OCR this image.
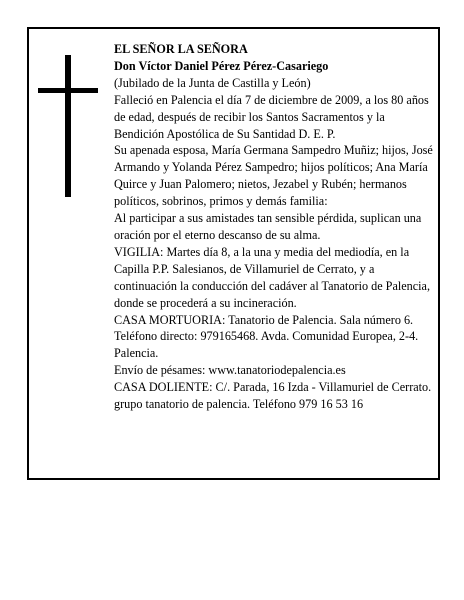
EL SEÑOR LA SEÑORA

Don Víctor Daniel Pérez Pérez-Casariego

(Jubilado de la Junta de Castilla y León)

Falleció en Palencia el día 7 de diciembre de 2009, a los 80 años de edad, después de recibir los Santos Sacramentos y la Bendición Apostólica de Su Santidad D. E. P.

Su apenada esposa, María Germana Sampedro Muñiz; hijos, José Armando y Yolanda Pérez Sampedro; hijos políticos; Ana María Quirce y Juan Palomero; nietos, Jezabel y Rubén; hermanos políticos, sobrinos, primos y demás familia:

Al participar a sus amistades tan sensible pérdida, suplican una oración por el eterno descanso de su alma.

VIGILIA: Martes día 8, a la una y media del mediodía, en la Capilla P.P. Salesianos, de Villamuriel de Cerrato, y a continuación la conducción del cadáver al Tanatorio de Palencia, donde se procederá a su incineración.

CASA MORTUORIA: Tanatorio de Palencia. Sala número 6. Teléfono directo: 979165468. Avda. Comunidad Europea, 2-4. Palencia.

Envío de pésames: www.tanatoriodepalencia.es

CASA DOLIENTE: C/. Parada, 16 Izda - Villamuriel de Cerrato.

grupo tanatorio de palencia. Teléfono 979 16 53 16
